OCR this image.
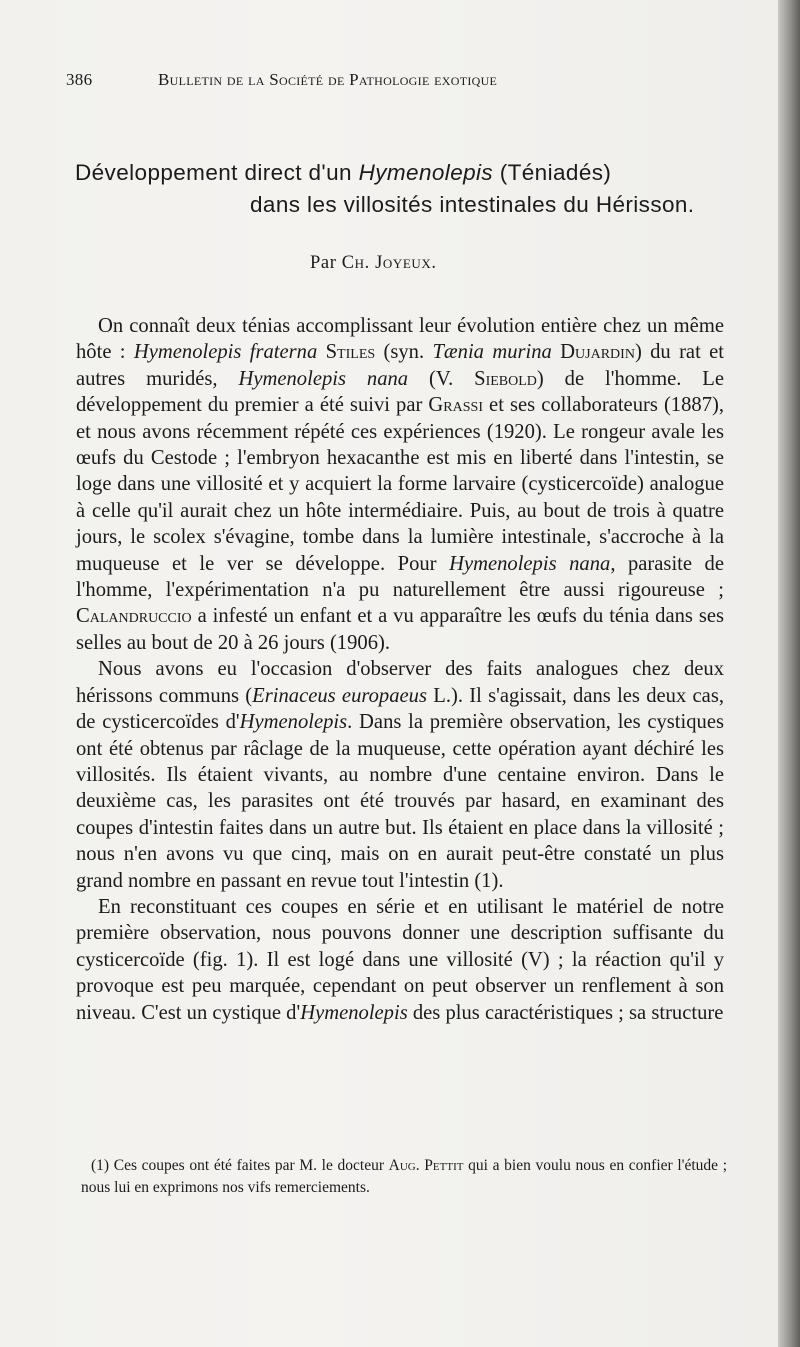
386	Bulletin de la Société de Pathologie exotique
Développement direct d'un Hymenolepis (Téniadés)
dans les villosités intestinales du Hérisson.
Par Ch. Joyeux.

On connaît deux ténias accomplissant leur évolution entière chez un même hôte : Hymenolepis fraterna Stiles (syn. Tænia murina Dujardin) du rat et autres muridés, Hymenolepis nana (V. Siebold) de l'homme. Le développement du premier a été suivi par Grassi et ses collaborateurs (1887), et nous avons récemment répété ces expériences (1920). Le rongeur avale les œufs du Cestode ; l'embryon hexacanthe est mis en liberté dans l'intestin, se loge dans une villosité et y acquiert la forme larvaire (cysticercoïde) analogue à celle qu'il aurait chez un hôte intermédiaire. Puis, au bout de trois à quatre jours, le scolex s'évagine, tombe dans la lumière intestinale, s'accroche à la muqueuse et le ver se développe. Pour Hymenolepis nana, parasite de l'homme, l'expérimentation n'a pu naturellement être aussi rigoureuse ; Calandruccio a infesté un enfant et a vu apparaître les œufs du ténia dans ses selles au bout de 20 à 26 jours (1906).

Nous avons eu l'occasion d'observer des faits analogues chez deux hérissons communs (Erinaceus europaeus L.). Il s'agissait, dans les deux cas, de cysticercoïdes d'Hymenolepis. Dans la première observation, les cystiques ont été obtenus par râclage de la muqueuse, cette opération ayant déchiré les villosités. Ils étaient vivants, au nombre d'une centaine environ. Dans le deuxième cas, les parasites ont été trouvés par hasard, en examinant des coupes d'intestin faites dans un autre but. Ils étaient en place dans la villosité ; nous n'en avons vu que cinq, mais on en aurait peut-être constaté un plus grand nombre en passant en revue tout l'intestin (1).

En reconstituant ces coupes en série et en utilisant le matériel de notre première observation, nous pouvons donner une description suffisante du cysticercoïde (fig. 1). Il est logé dans une villosité (V) ; la réaction qu'il y provoque est peu marquée, cependant on peut observer un renflement à son niveau. C'est un cystique d'Hymenolepis des plus caractéristiques ; sa structure

(1) Ces coupes ont été faites par M. le docteur Aug. Pettit qui a bien voulu nous en confier l'étude ; nous lui en exprimons nos vifs remerciements.
